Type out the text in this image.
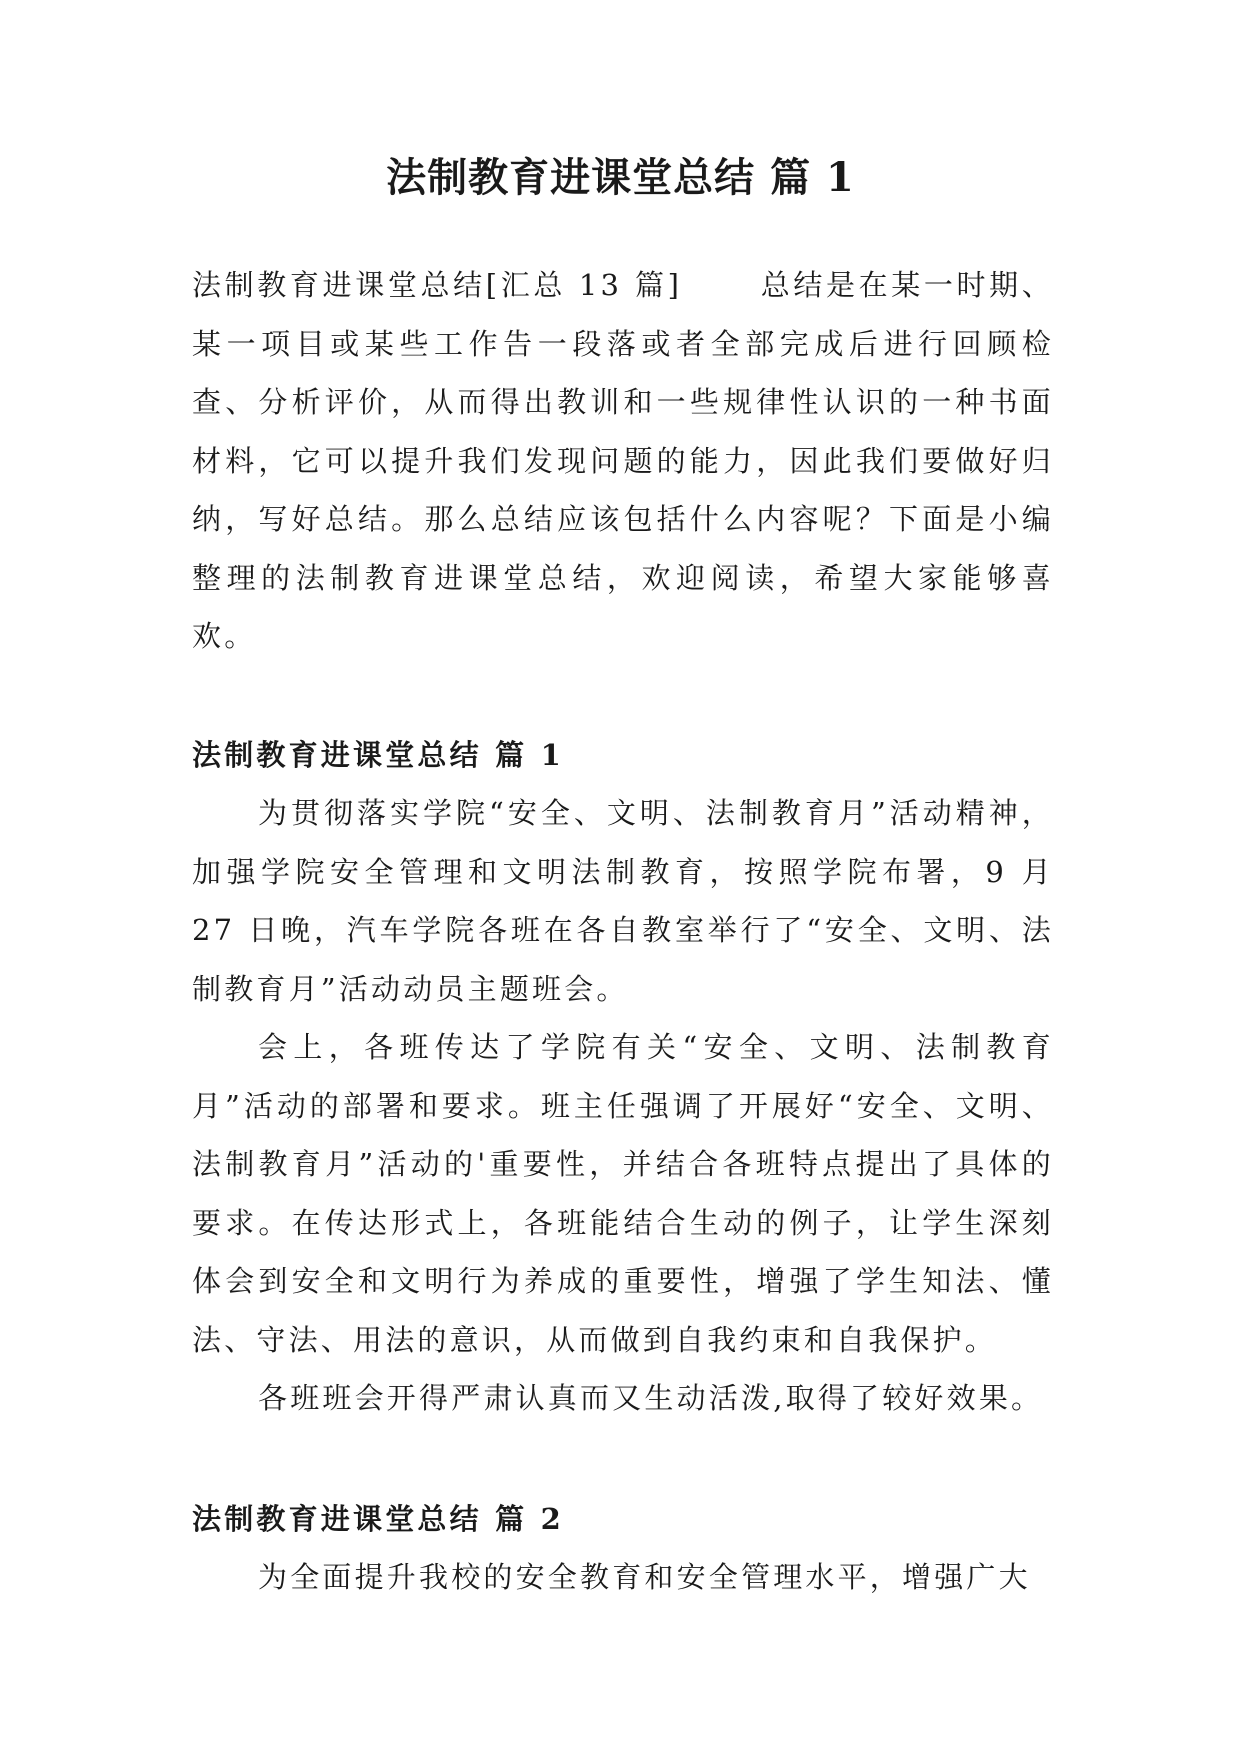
法制教育进课堂总结 篇 1

法制教育进课堂总结[汇总 13 篇]　　 总结是在某一时期、某一项目或某些工作告一段落或者全部完成后进行回顾检查、分析评价，从而得出教训和一些规律性认识的一种书面材料，它可以提升我们发现问题的能力，因此我们要做好归纳，写好总结。那么总结应该包括什么内容呢？下面是小编整理的法制教育进课堂总结，欢迎阅读，希望大家能够喜欢。

法制教育进课堂总结 篇 1

为贯彻落实学院“安全、文明、法制教育月”活动精神，加强学院安全管理和文明法制教育，按照学院布署，9 月 27 日晚，汽车学院各班在各自教室举行了“安全、文明、法制教育月”活动动员主题班会。

会上，各班传达了学院有关“安全、文明、法制教育月”活动的部署和要求。班主任强调了开展好“安全、文明、法制教育月”活动的'重要性，并结合各班特点提出了具体的要求。在传达形式上，各班能结合生动的例子，让学生深刻体会到安全和文明行为养成的重要性，增强了学生知法、懂法、守法、用法的意识，从而做到自我约束和自我保护。

各班班会开得严肃认真而又生动活泼,取得了较好效果。

法制教育进课堂总结 篇 2

为全面提升我校的安全教育和安全管理水平，增强广大
